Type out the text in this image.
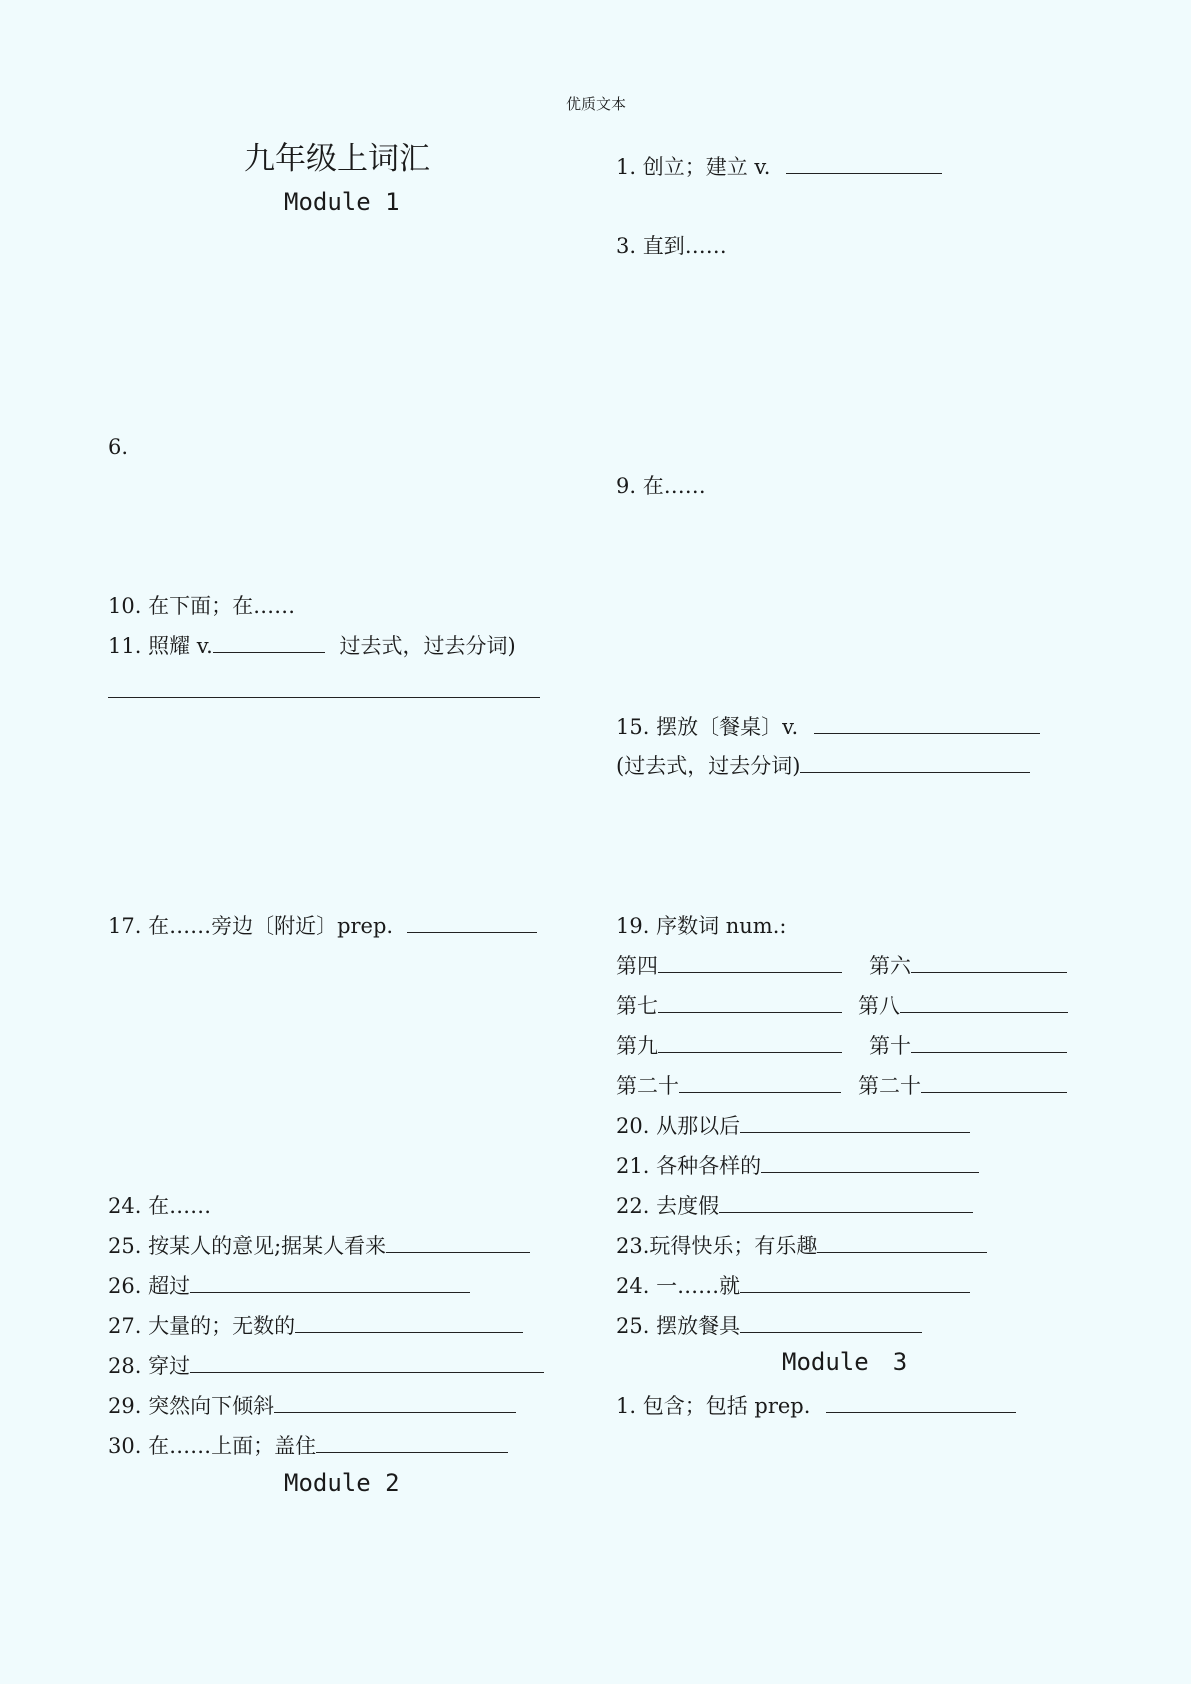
优质文本
九年级上词汇
Module 1
6.
10. 在下面；在……
11. 照耀 v.	过去式，过去分词)
17. 在……旁边〔附近〕prep.
24. 在……
25. 按某人的意见;据某人看来
26. 超过
27. 大量的；无数的
28. 穿过
29. 突然向下倾斜
30. 在……上面；盖住
Module 2
1. 创立；建立 v.
3. 直到……
9. 在……
15. 摆放〔餐桌〕v.
(过去式，过去分词)
19. 序数词 num.:
第四	第六
第七	第八
第九	第十
第二十	第二十
20. 从那以后
21. 各种各样的
22. 去度假
23.玩得快乐；有乐趣
24. 一……就
25. 摆放餐具
Module　3
1. 包含；包括 prep.
